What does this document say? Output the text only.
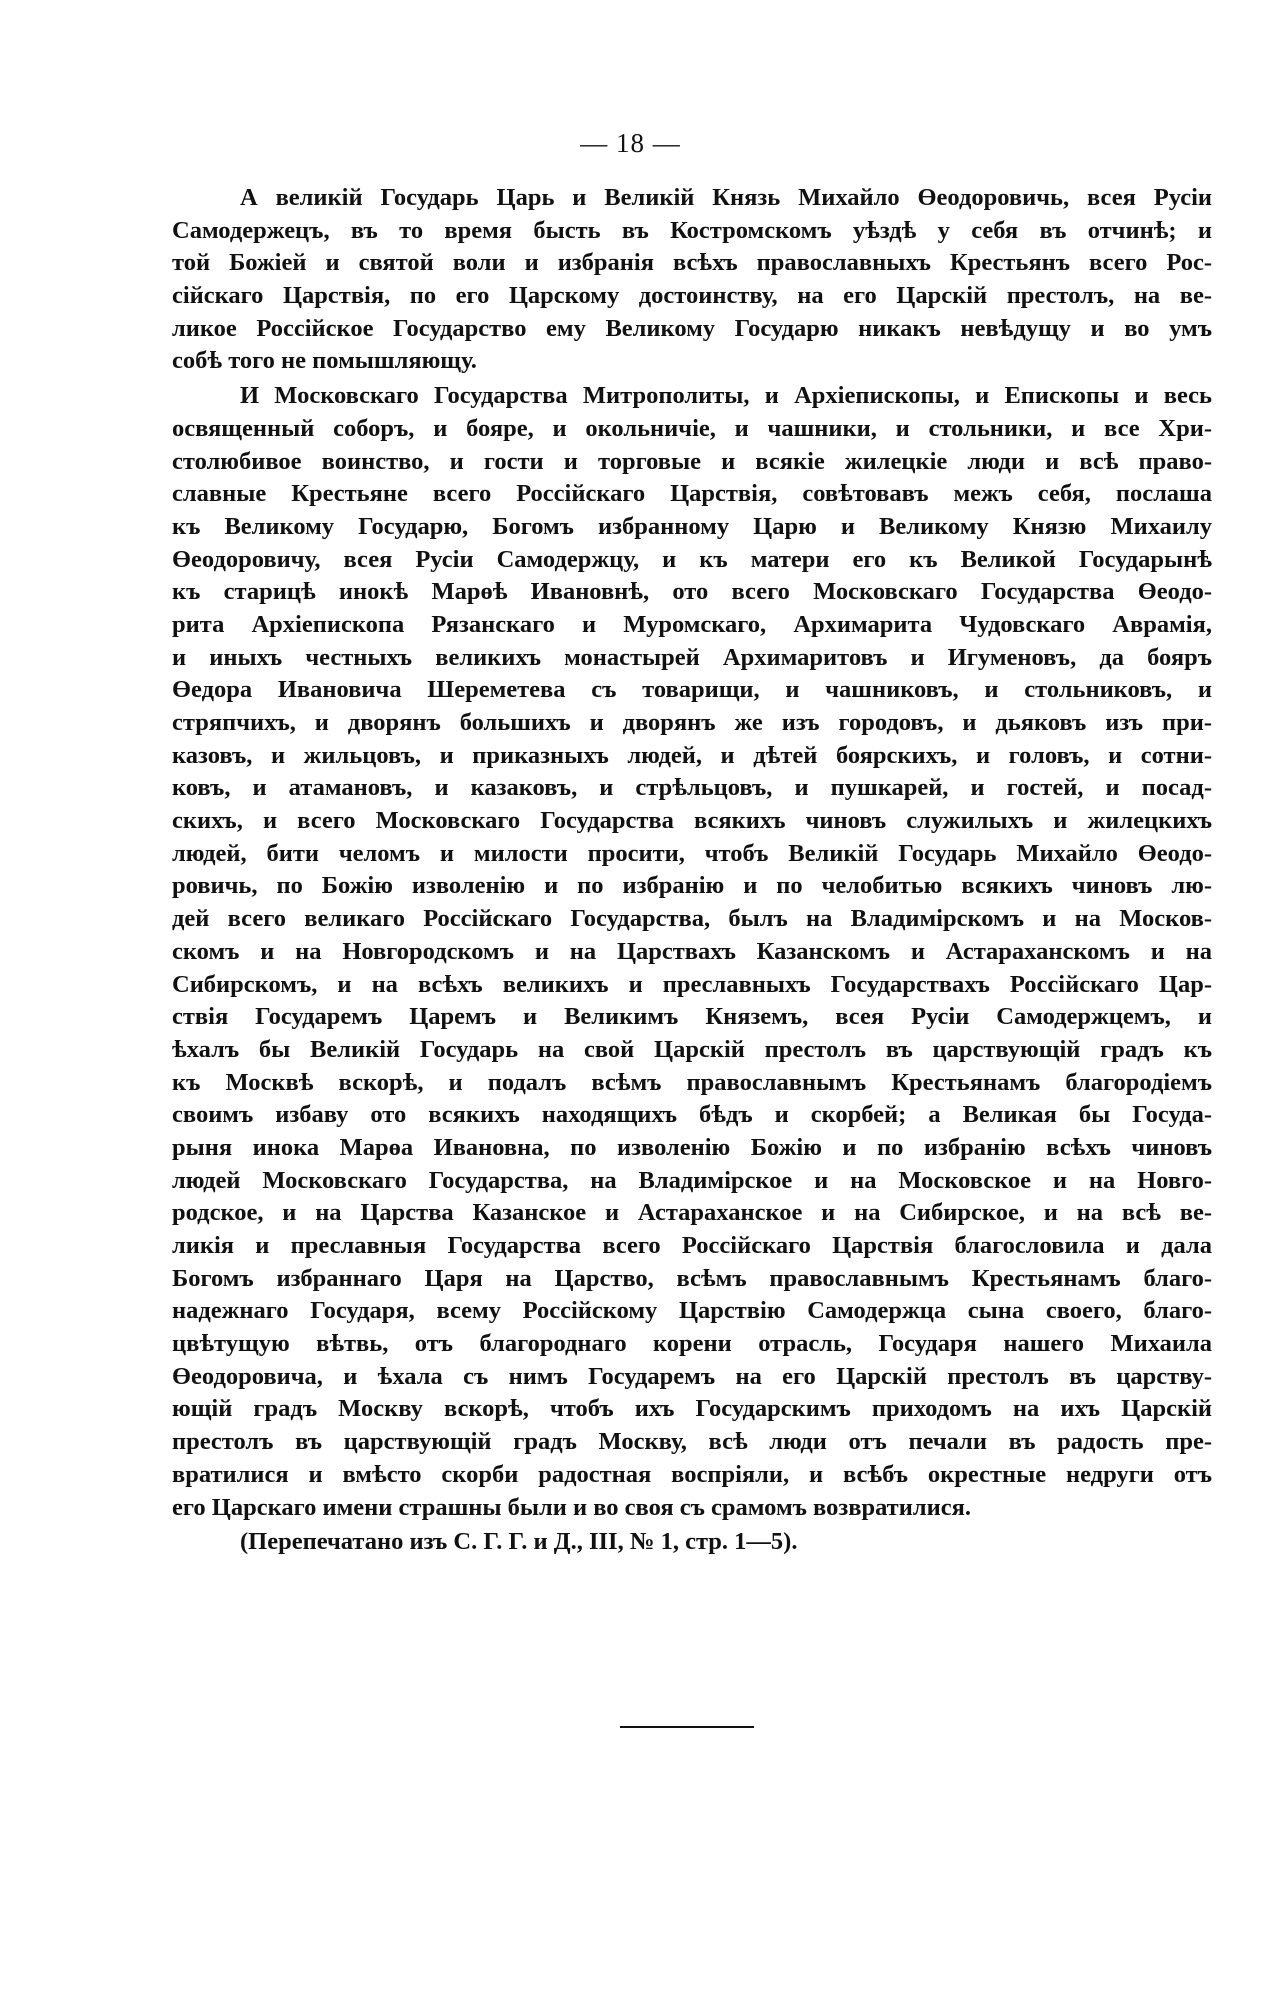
— 18 —
А великій Государь Царь и Великій Князь Михайло Өеодоровичь, всея Русіи
Самодержецъ, въ то время бысть въ Костромскомъ уѣздѣ у себя въ отчинѣ; и
той Божіей и святой воли и избранія всѣхъ православныхъ Крестьянъ всего Рос-
сійскаго Царствія, по его Царскому достоинству, на его Царскій престолъ, на ве-
ликое Россійское Государство ему Великому Государю никакъ невѣдущу и во умъ
собѣ того не помышляющу.
И Московскаго Государства Митрополиты, и Архіепископы, и Епископы и весь
освященный соборъ, и бояре, и окольничіе, и чашники, и стольники, и все Хри-
столюбивое воинство, и гости и торговые и всякіе жилецкіе люди и всѣ право-
славные Крестьяне всего Россійскаго Царствія, совѣтовавъ межъ себя, послаша
къ Великому Государю, Богомъ избранному Царю и Великому Князю Михаилу
Өеодоровичу, всея Русіи Самодержцу, и къ матери его къ Великой Государынѣ
къ старицѣ инокѣ Марөѣ Ивановнѣ, ото всего Московскаго Государства Өеодо-
рита Архіепископа Рязанскаго и Муромскаго, Архимарита Чудовскаго Аврамія,
и иныхъ честныхъ великихъ монастырей Архимаритовъ и Игуменовъ, да бояръ
Өедора Ивановича Шереметева съ товарищи, и чашниковъ, и стольниковъ, и
стряпчихъ, и дворянъ большихъ и дворянъ же изъ городовъ, и дьяковъ изъ при-
казовъ, и жильцовъ, и приказныхъ людей, и дѣтей боярскихъ, и головъ, и сотни-
ковъ, и атамановъ, и казаковъ, и стрѣльцовъ, и пушкарей, и гостей, и посад-
скихъ, и всего Московскаго Государства всякихъ чиновъ служилыхъ и жилецкихъ
людей, бити челомъ и милости просити, чтобъ Великій Государь Михайло Өеодо-
ровичь, по Божію изволенію и по избранію и по челобитью всякихъ чиновъ лю-
дей всего великаго Россійскаго Государства, былъ на Владимірскомъ и на Москов-
скомъ и на Новгородскомъ и на Царствахъ Казанскомъ и Астараханскомъ и на
Сибирскомъ, и на всѣхъ великихъ и преславныхъ Государствахъ Россійскаго Цар-
ствія Государемъ Царемъ и Великимъ Княземъ, всея Русіи Самодержцемъ, и
ѣхалъ бы Великій Государь на свой Царскій престолъ въ царствующій градъ къ
къ Москвѣ вскорѣ, и подалъ всѣмъ православнымъ Крестьянамъ благородіемъ
своимъ избаву ото всякихъ находящихъ бѣдъ и скорбей; а Великая бы Госуда-
рыня инока Марөа Ивановна, по изволенію Божію и по избранію всѣхъ чиновъ
людей Московскаго Государства, на Владимірское и на Московское и на Новго-
родское, и на Царства Казанское и Астараханское и на Сибирское, и на всѣ ве-
ликія и преславныя Государства всего Россійскаго Царствія благословила и дала
Богомъ избраннаго Царя на Царство, всѣмъ православнымъ Крестьянамъ благо-
надежнаго Государя, всему Россійскому Царствію Самодержца сына своего, благо-
цвѣтущую вѣтвь, отъ благороднаго корени отрасль, Государя нашего Михаила
Өеодоровича, и ѣхала съ нимъ Государемъ на его Царскій престолъ въ царству-
ющій градъ Москву вскорѣ, чтобъ ихъ Государскимъ приходомъ на ихъ Царскій
престолъ въ царствующій градъ Москву, всѣ люди отъ печали въ радость пре-
вратилися и вмѣсто скорби радостная воспріяли, и всѣбъ окрестные недруги отъ
его Царскаго имени страшны были и во своя съ срамомъ возвратилися.
(Перепечатано изъ С. Г. Г. и Д., III, № 1, стр. 1—5).
